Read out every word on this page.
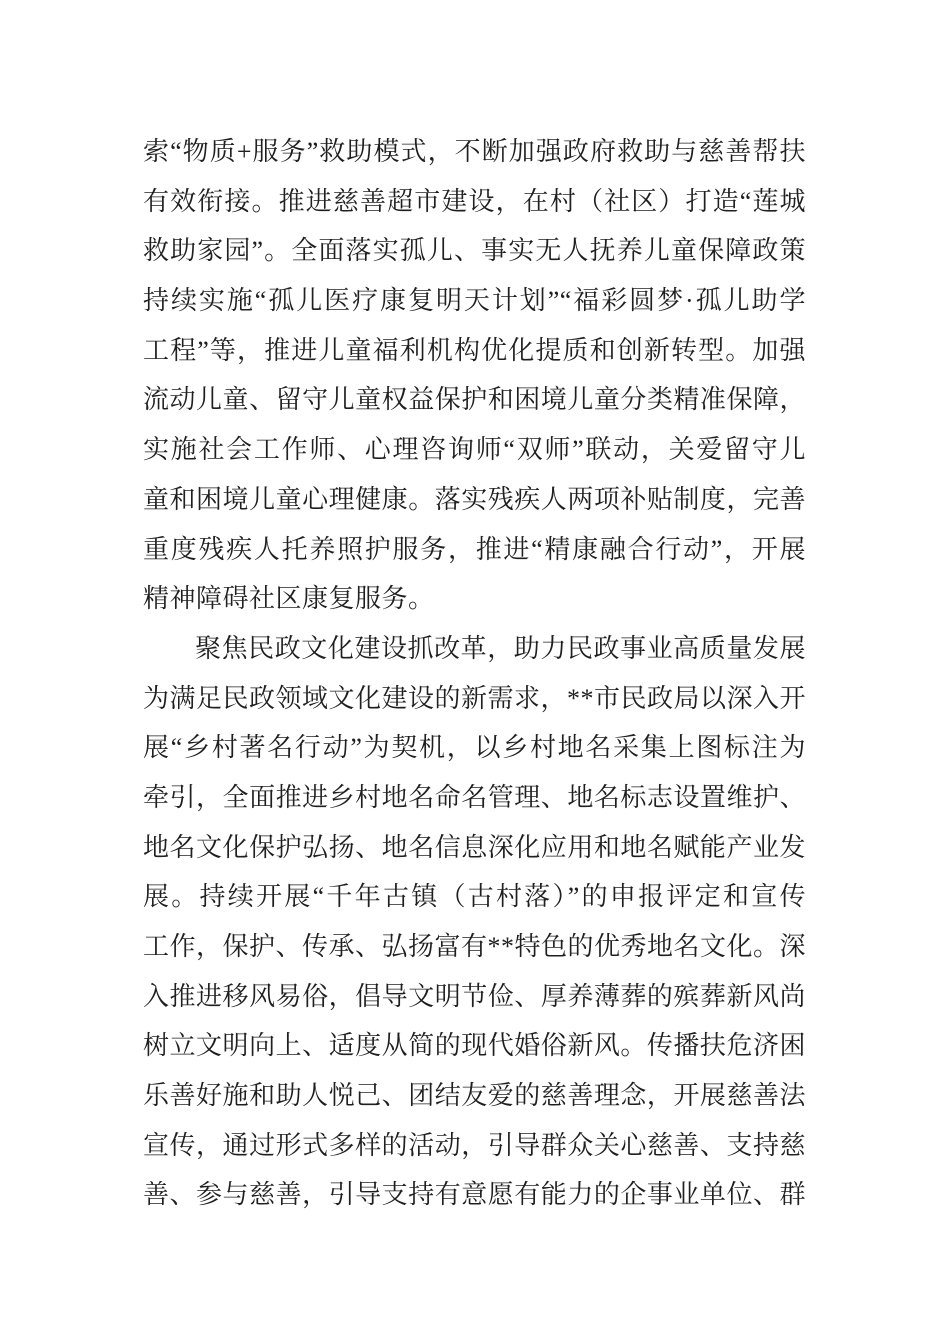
索“物质+服务”救助模式，不断加强政府救助与慈善帮扶
有效衔接。推进慈善超市建设，在村（社区）打造“莲城
救助家园”。全面落实孤儿、事实无人抚养儿童保障政策
持续实施“孤儿医疗康复明天计划”“福彩圆梦·孤儿助学
工程”等，推进儿童福利机构优化提质和创新转型。加强
流动儿童、留守儿童权益保护和困境儿童分类精准保障，
实施社会工作师、心理咨询师“双师”联动，关爱留守儿
童和困境儿童心理健康。落实残疾人两项补贴制度，完善
重度残疾人托养照护服务，推进“精康融合行动”，开展
精神障碍社区康复服务。
聚焦民政文化建设抓改革，助力民政事业高质量发展
为满足民政领域文化建设的新需求，**市民政局以深入开
展“乡村著名行动”为契机，以乡村地名采集上图标注为
牵引，全面推进乡村地名命名管理、地名标志设置维护、
地名文化保护弘扬、地名信息深化应用和地名赋能产业发
展。持续开展“千年古镇（古村落）”的申报评定和宣传
工作，保护、传承、弘扬富有**特色的优秀地名文化。深
入推进移风易俗，倡导文明节俭、厚养薄葬的殡葬新风尚
树立文明向上、适度从简的现代婚俗新风。传播扶危济困
乐善好施和助人悦己、团结友爱的慈善理念，开展慈善法
宣传，通过形式多样的活动，引导群众关心慈善、支持慈
善、参与慈善，引导支持有意愿有能力的企事业单位、群
